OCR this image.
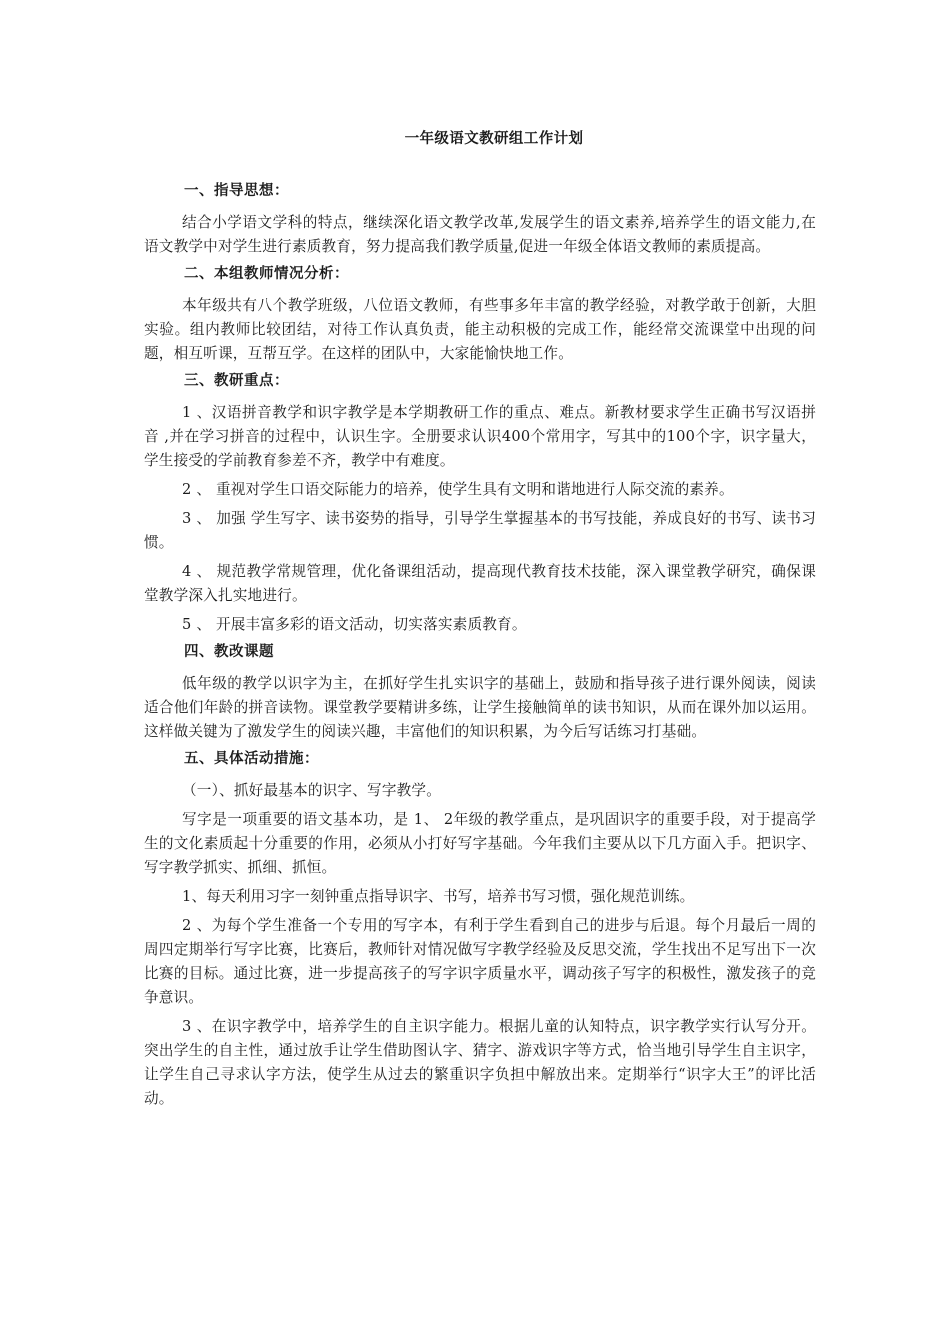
一年级语文教研组工作计划
一、指导思想：

结合小学语文学科的特点，继续深化语文教学改革,发展学生的语文素养,培养学生的语文能力,在语文教学中对学生进行素质教育，努力提高我们教学质量,促进一年级全体语文教师的素质提高。

二、本组教师情况分析：

本年级共有八个教学班级，八位语文教师，有些事多年丰富的教学经验，对教学敢于创新，大胆实验。组内教师比较团结，对待工作认真负责，能主动积极的完成工作，能经常交流课堂中出现的问题，相互听课，互帮互学。在这样的团队中，大家能愉快地工作。

三、教研重点：

1 、汉语拼音教学和识字教学是本学期教研工作的重点、难点。新教材要求学生正确书写汉语拼音 ,并在学习拼音的过程中，认识生字。全册要求认识400个常用字，写其中的100个字，识字量大，学生接受的学前教育参差不齐，教学中有难度。

2 、 重视对学生口语交际能力的培养，使学生具有文明和谐地进行人际交流的素养。

3 、 加强 学生写字、读书姿势的指导，引导学生掌握基本的书写技能，养成良好的书写、读书习惯。

4 、 规范教学常规管理，优化备课组活动，提高现代教育技术技能，深入课堂教学研究，确保课堂教学深入扎实地进行。

5 、 开展丰富多彩的语文活动，切实落实素质教育。

四、教改课题

低年级的教学以识字为主，在抓好学生扎实识字的基础上，鼓励和指导孩子进行课外阅读，阅读适合他们年龄的拼音读物。课堂教学要精讲多练，让学生接触简单的读书知识，从而在课外加以运用。这样做关键为了激发学生的阅读兴趣，丰富他们的知识积累，为今后写话练习打基础。

五、具体活动措施：

（一）、抓好最基本的识字、写字教学。

写字是一项重要的语文基本功，是 1、 2年级的教学重点，是巩固识字的重要手段，对于提高学生的文化素质起十分重要的作用，必须从小打好写字基础。今年我们主要从以下几方面入手。把识字、写字教学抓实、抓细、抓恒。

1、每天利用习字一刻钟重点指导识字、书写，培养书写习惯，强化规范训练。

2 、为每个学生准备一个专用的写字本，有利于学生看到自己的进步与后退。每个月最后一周的周四定期举行写字比赛，比赛后，教师针对情况做写字教学经验及反思交流，学生找出不足写出下一次比赛的目标。通过比赛，进一步提高孩子的写字识字质量水平，调动孩子写字的积极性，激发孩子的竞争意识。

3 、在识字教学中，培养学生的自主识字能力。根据儿童的认知特点，识字教学实行认写分开。突出学生的自主性，通过放手让学生借助图认字、猜字、游戏识字等方式，恰当地引导学生自主识字，让学生自己寻求认字方法，使学生从过去的繁重识字负担中解放出来。定期举行“识字大王”的评比活动。
